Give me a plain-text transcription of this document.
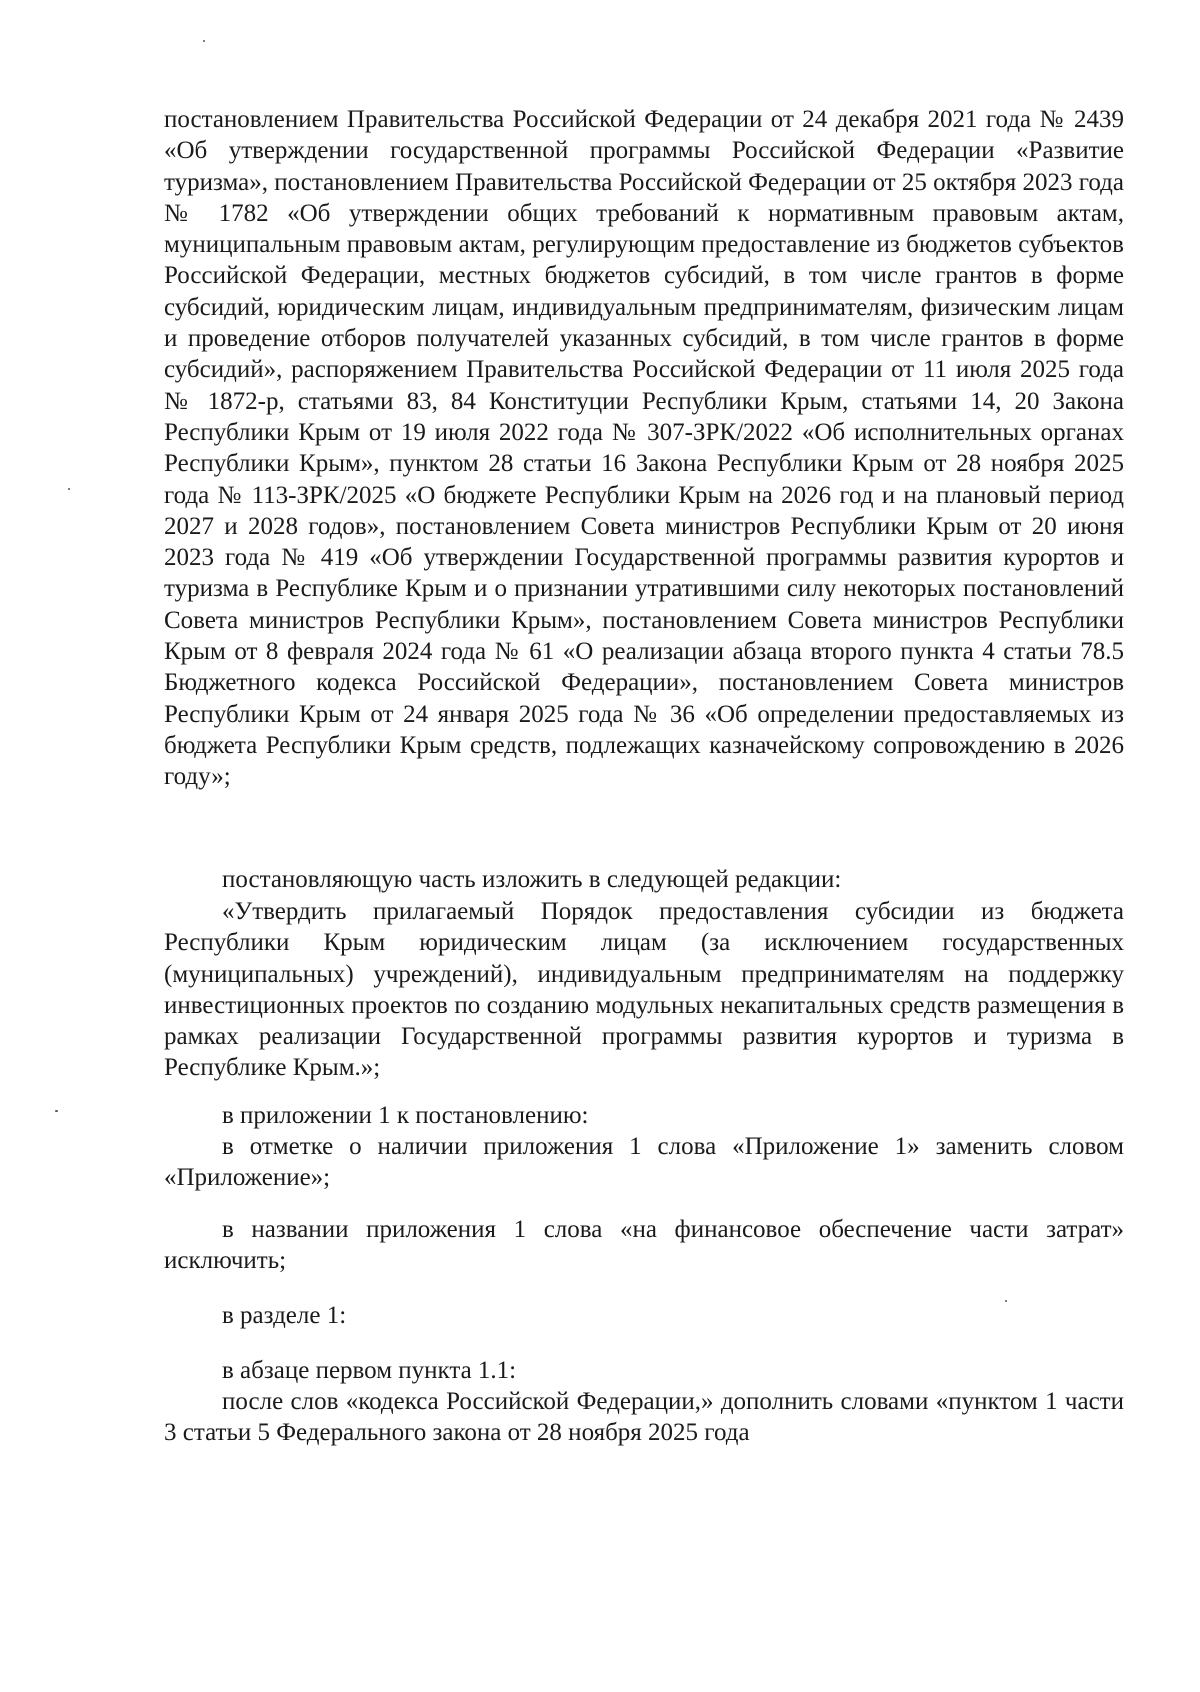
постановлением Правительства Российской Федерации от 24 декабря 2021 года № 2439 «Об утверждении государственной программы Российской Федерации «Развитие туризма», постановлением Правительства Российской Федерации от 25 октября 2023 года № 1782 «Об утверждении общих требований к нормативным правовым актам, муниципальным правовым актам, регулирующим предоставление из бюджетов субъектов Российской Федерации, местных бюджетов субсидий, в том числе грантов в форме субсидий, юридическим лицам, индивидуальным предпринимателям, физическим лицам и проведение отборов получателей указанных субсидий, в том числе грантов в форме субсидий», распоряжением Правительства Российской Федерации от 11 июля 2025 года № 1872-р, статьями 83, 84 Конституции Республики Крым, статьями 14, 20 Закона Республики Крым от 19 июля 2022 года № 307-ЗРК/2022 «Об исполнительных органах Республики Крым», пунктом 28 статьи 16 Закона Республики Крым от 28 ноября 2025 года № 113-ЗРК/2025 «О бюджете Республики Крым на 2026 год и на плановый период 2027 и 2028 годов», постановлением Совета министров Республики Крым от 20 июня 2023 года № 419 «Об утверждении Государственной программы развития курортов и туризма в Республике Крым и о признании утратившими силу некоторых постановлений Совета министров Республики Крым», постановлением Совета министров Республики Крым от 8 февраля 2024 года № 61 «О реализации абзаца второго пункта 4 статьи 78.5 Бюджетного кодекса Российской Федерации», постановлением Совета министров Республики Крым от 24 января 2025 года № 36 «Об определении предоставляемых из бюджета Республики Крым средств, подлежащих казначейскому сопровождению в 2026 году»;

постановляющую часть изложить в следующей редакции:

«Утвердить прилагаемый Порядок предоставления субсидии из бюджета Республики Крым юридическим лицам (за исключением государственных (муниципальных) учреждений), индивидуальным предпринимателям на поддержку инвестиционных проектов по созданию модульных некапитальных средств размещения в рамках реализации Государственной программы развития курортов и туризма в Республике Крым.»;

в приложении 1 к постановлению:

в отметке о наличии приложения 1 слова «Приложение 1» заменить словом «Приложение»;

в названии приложения 1 слова «на финансовое обеспечение части затрат» исключить;

в разделе 1:

в абзаце первом пункта 1.1:

после слов «кодекса Российской Федерации,» дополнить словами «пунктом 1 части 3 статьи 5 Федерального закона от 28 ноября 2025 года
